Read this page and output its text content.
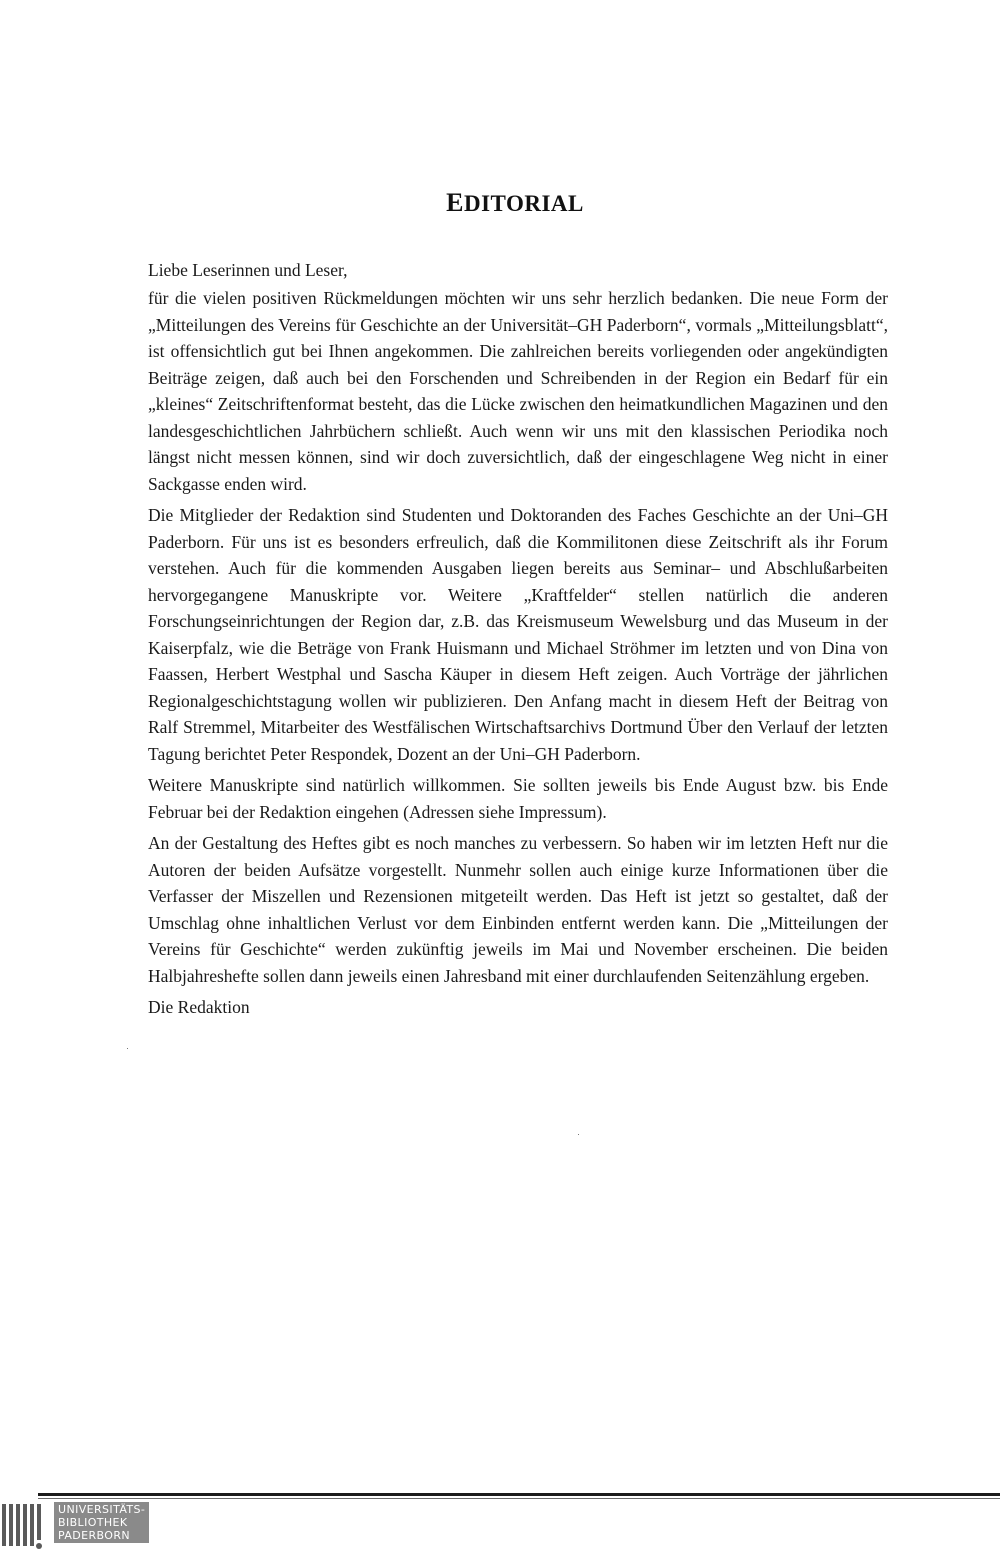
EDITORIAL
Liebe Leserinnen und Leser,

für die vielen positiven Rückmeldungen möchten wir uns sehr herzlich bedanken. Die neue Form der „Mitteilungen des Vereins für Geschichte an der Universität–GH Paderborn“, vormals „Mitteilungsblatt“, ist offensichtlich gut bei Ihnen angekommen. Die zahlreichen bereits vorliegenden oder angekündigten Beiträge zeigen, daß auch bei den Forschenden und Schreibenden in der Region ein Bedarf für ein „kleines“ Zeitschriftenformat besteht, das die Lücke zwischen den heimatkundlichen Magazinen und den landesgeschichtlichen Jahrbüchern schließt. Auch wenn wir uns mit den klassischen Periodika noch längst nicht messen können, sind wir doch zuversichtlich, daß der eingeschlagene Weg nicht in einer Sackgasse enden wird.

Die Mitglieder der Redaktion sind Studenten und Doktoranden des Faches Geschichte an der Uni–GH Paderborn. Für uns ist es besonders erfreulich, daß die Kommilitonen diese Zeitschrift als ihr Forum verstehen. Auch für die kommenden Ausgaben liegen bereits aus Seminar– und Abschlußarbeiten hervorgegangene Manuskripte vor. Weitere „Kraftfelder“ stellen natürlich die anderen Forschungseinrichtungen der Region dar, z.B. das Kreismuseum Wewelsburg und das Museum in der Kaiserpfalz, wie die Beträge von Frank Huismann und Michael Ströhmer im letzten und von Dina von Faassen, Herbert Westphal und Sascha Käuper in diesem Heft zeigen. Auch Vorträge der jährlichen Regionalgeschichtstagung wollen wir publizieren. Den Anfang macht in diesem Heft der Beitrag von Ralf Stremmel, Mitarbeiter des Westfälischen Wirtschaftsarchivs Dortmund Über den Verlauf der letzten Tagung berichtet Peter Respondek, Dozent an der Uni–GH Paderborn.

Weitere Manuskripte sind natürlich willkommen. Sie sollten jeweils bis Ende August bzw. bis Ende Februar bei der Redaktion eingehen (Adressen siehe Impressum).

An der Gestaltung des Heftes gibt es noch manches zu verbessern. So haben wir im letzten Heft nur die Autoren der beiden Aufsätze vorgestellt. Nunmehr sollen auch einige kurze Informationen über die Verfasser der Miszellen und Rezensionen mitgeteilt werden. Das Heft ist jetzt so gestaltet, daß der Umschlag ohne inhaltlichen Verlust vor dem Einbinden entfernt werden kann. Die „Mitteilungen der Vereins für Geschichte“ werden zukünftig jeweils im Mai und November erscheinen. Die beiden Halbjahreshefte sollen dann jeweils einen Jahresband mit einer durchlaufenden Seitenzählung ergeben.

Die Redaktion

UNIVERSITÄTS-
BIBLIOTHEK
PADERBORN
